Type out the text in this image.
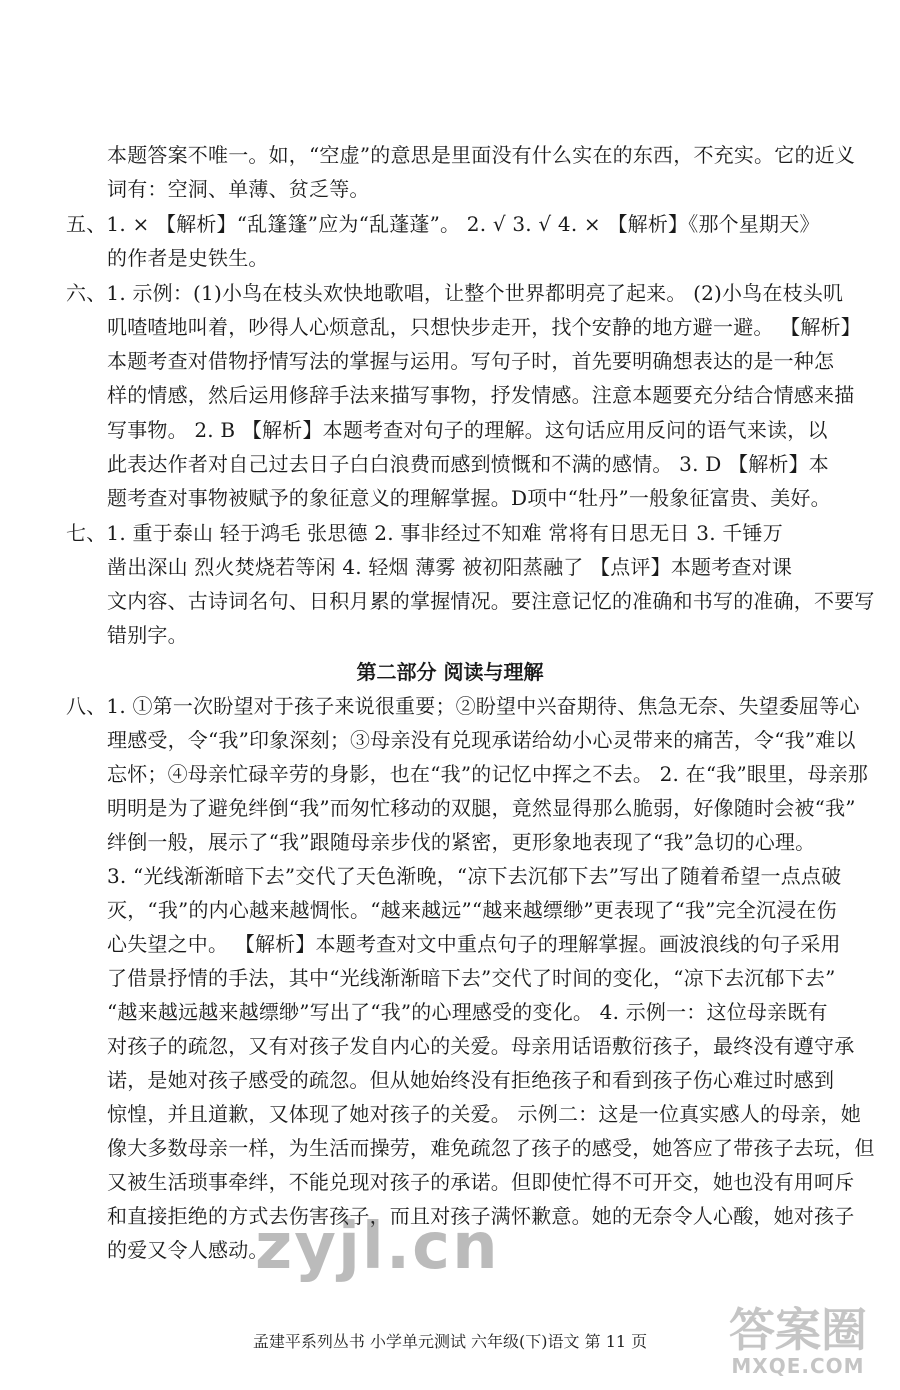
本题答案不唯一。如，“空虚”的意思是里面没有什么实在的东西，不充实。它的近义
词有：空洞、单薄、贫乏等。
五、1. × 【解析】“乱篷篷”应为“乱蓬蓬”。 2. √ 3. √ 4. × 【解析】《那个星期天》
的作者是史铁生。
六、1. 示例：(1)小鸟在枝头欢快地歌唱，让整个世界都明亮了起来。 (2)小鸟在枝头叽
叽喳喳地叫着，吵得人心烦意乱，只想快步走开，找个安静的地方避一避。 【解析】
本题考查对借物抒情写法的掌握与运用。写句子时，首先要明确想表达的是一种怎
样的情感，然后运用修辞手法来描写事物，抒发情感。注意本题要充分结合情感来描
写事物。 2. B 【解析】本题考查对句子的理解。这句话应用反问的语气来读，以
此表达作者对自己过去日子白白浪费而感到愤慨和不满的感情。 3. D 【解析】本
题考查对事物被赋予的象征意义的理解掌握。D项中“牡丹”一般象征富贵、美好。
七、1. 重于泰山 轻于鸿毛 张思德 2. 事非经过不知难 常将有日思无日 3. 千锤万
凿出深山 烈火焚烧若等闲 4. 轻烟 薄雾 被初阳蒸融了 【点评】本题考查对课
文内容、古诗词名句、日积月累的掌握情况。要注意记忆的准确和书写的准确，不要写
错别字。
第二部分 阅读与理解
八、1. ①第一次盼望对于孩子来说很重要；②盼望中兴奋期待、焦急无奈、失望委屈等心
理感受，令“我”印象深刻；③母亲没有兑现承诺给幼小心灵带来的痛苦，令“我”难以
忘怀；④母亲忙碌辛劳的身影，也在“我”的记忆中挥之不去。 2. 在“我”眼里，母亲那
明明是为了避免绊倒“我”而匆忙移动的双腿，竟然显得那么脆弱，好像随时会被“我”
绊倒一般，展示了“我”跟随母亲步伐的紧密，更形象地表现了“我”急切的心理。
3. “光线渐渐暗下去”交代了天色渐晚，“凉下去沉郁下去”写出了随着希望一点点破
灭，“我”的内心越来越惆怅。“越来越远”“越来越缥缈”更表现了“我”完全沉浸在伤
心失望之中。 【解析】本题考查对文中重点句子的理解掌握。画波浪线的句子采用
了借景抒情的手法，其中“光线渐渐暗下去”交代了时间的变化，“凉下去沉郁下去”
“越来越远越来越缥缈”写出了“我”的心理感受的变化。 4. 示例一：这位母亲既有
对孩子的疏忽，又有对孩子发自内心的关爱。母亲用话语敷衍孩子，最终没有遵守承
诺，是她对孩子感受的疏忽。但从她始终没有拒绝孩子和看到孩子伤心难过时感到
惊惶，并且道歉，又体现了她对孩子的关爱。 示例二：这是一位真实感人的母亲，她
像大多数母亲一样，为生活而操劳，难免疏忽了孩子的感受，她答应了带孩子去玩，但
又被生活琐事牵绊，不能兑现对孩子的承诺。但即使忙得不可开交，她也没有用呵斥
和直接拒绝的方式去伤害孩子，而且对孩子满怀歉意。她的无奈令人心酸，她对孩子
的爱又令人感动。
zyjl.cn
孟建平系列丛书 小学单元测试 六年级(下)语文 第 11 页	答案圈
MXQE.COM
